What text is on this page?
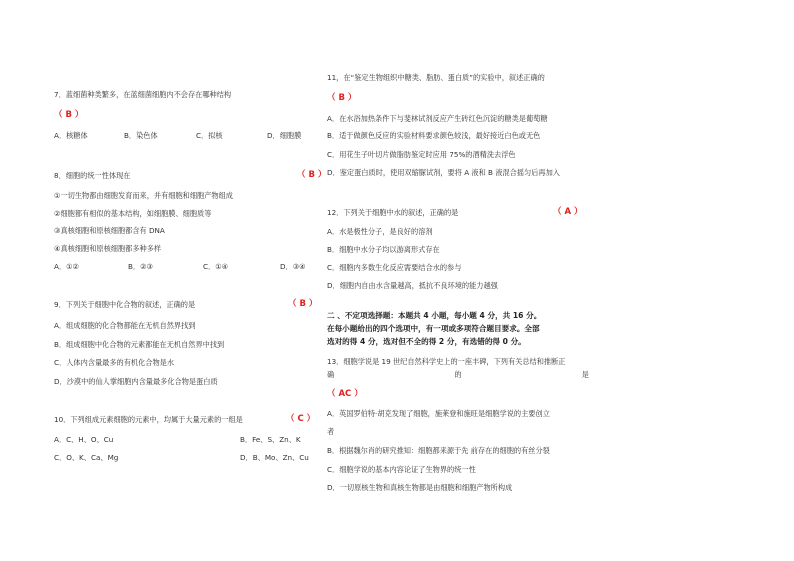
7．蓝细菌种类繁多，在蓝细菌细胞内不会存在哪种结构
（ B ）
A．核糖体	B．染色体	C．拟核	D．细胞膜
8．细胞的统一性体现在	（ B ）
①一切生物都由细胞发育而来，并有细胞和细胞产物组成
②细胞都有相似的基本结构，如细胞膜、细胞质等
③真核细胞和原核细胞都含有 DNA
④真核细胞和原核细胞都多种多样
A．①②	B．②③	C．①④	D．③④
9．下列关于细胞中化合物的叙述，正确的是	（ B ）
A．组成细胞的化合物都能在无机自然界找到
B．组成细胞中化合物的元素都能在无机自然界中找到
C．人体内含量最多的有机化合物是水
D．沙漠中的仙人掌细胞内含量最多化合物是蛋白质
10．下列组成元素细胞的元素中，均属于大量元素的一组是	（ C ）
A．C、H、O、Cu	B．Fe、S、Zn、K
C．O、K、Ca、Mg	D．B、Mo、Zn、Cu
11，在“鉴定生物组织中糖类、脂肪、蛋白质”的实验中，叙述正确的
（ B ）
A．在水浴加热条件下与斐林试剂反应产生砖红色沉淀的糖类是葡萄糖
B．适于做颜色反应的实验材料要求颜色较浅，最好接近白色或无色
C．用花生子叶切片做脂肪鉴定时应用 75%的酒精洗去浮色
D．鉴定蛋白质时，使用双缩脲试剂，要将 A 液和 B 液混合摇匀后再加入
12．下列关于细胞中水的叙述，正确的是	（ A ）
A．水是极性分子，是良好的溶剂
B．细胞中水分子均以游离形式存在
C．细胞内多数生化反应需要结合水的参与
D．细胞内自由水含量越高，抵抗不良环境的能力越强
二 、不定项选择题：本题共 4 小题，每小题 4 分，共 16 分。
在每小题给出的四个选项中，有一项或多项符合题目要求。全部
选对的得 4 分，选对但不全的得 2 分，有选错的得 0 分。
13．细胞学说是 19 世纪自然科学史上的一座丰碑，下列有关总结和推断正
确	的	是
（ AC ）
A．英国罗伯特·胡克发现了细胞，施莱登和施旺是细胞学说的主要创立
者
B．根据魏尔肖的研究推知：细胞都来源于先 前存在的细胞的有丝分裂
C．细胞学说的基本内容论证了生物界的统一性
D．一切原核生物和真核生物都是由细胞和细胞产物所构成
